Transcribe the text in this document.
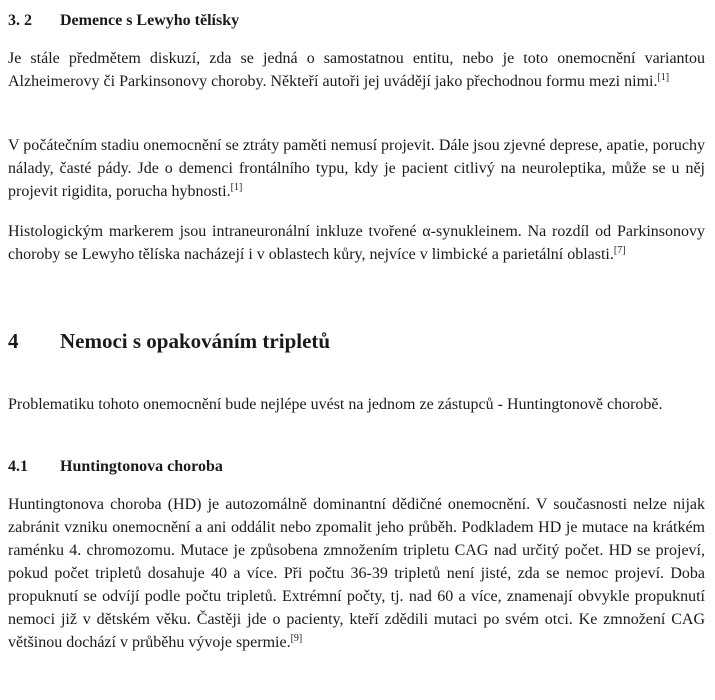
3. 2 Demence s Lewyho tělísky

Je stále předmětem diskuzí, zda se jedná o samostatnou entitu, nebo je toto onemocnění variantou Alzheimerovy či Parkinsonovy choroby. Někteří autoři jej uvádějí jako přechodnou formu mezi nimi.[1]

V počátečním stadiu onemocnění se ztráty paměti nemusí projevit. Dále jsou zjevné deprese, apatie, poruchy nálady, časté pády. Jde o demenci frontálního typu, kdy je pacient citlivý na neuroleptika, může se u něj projevit rigidita, porucha hybnosti.[1]

Histologickým markerem jsou intraneuronální inkluze tvořené α-synukleinem. Na rozdíl od Parkinsonovy choroby se Lewyho tělíska nacházejí i v oblastech kůry, nejvíce v limbické a parietální oblasti.[7]

4 Nemoci s opakováním tripletů

Problematiku tohoto onemocnění bude nejlépe uvést na jednom ze zástupců - Huntingtonově chorobě.

4.1 Huntingtonova choroba

Huntingtonova choroba (HD) je autozomálně dominantní dědičné onemocnění. V současnosti nelze nijak zabránit vzniku onemocnění a ani oddálit nebo zpomalit jeho průběh. Podkladem HD je mutace na krátkém raménku 4. chromozomu. Mutace je způsobena zmnožením tripletu CAG nad určitý počet. HD se projeví, pokud počet tripletů dosahuje 40 a více. Při počtu 36-39 tripletů není jisté, zda se nemoc projeví. Doba propuknutí se odvíjí podle počtu tripletů. Extrémní počty, tj. nad 60 a více, znamenají obvykle propuknutí nemoci již v dětském věku. Častěji jde o pacienty, kteří zdědili mutaci po svém otci. Ke zmnožení CAG většinou dochází v průběhu vývoje spermie.[9]
